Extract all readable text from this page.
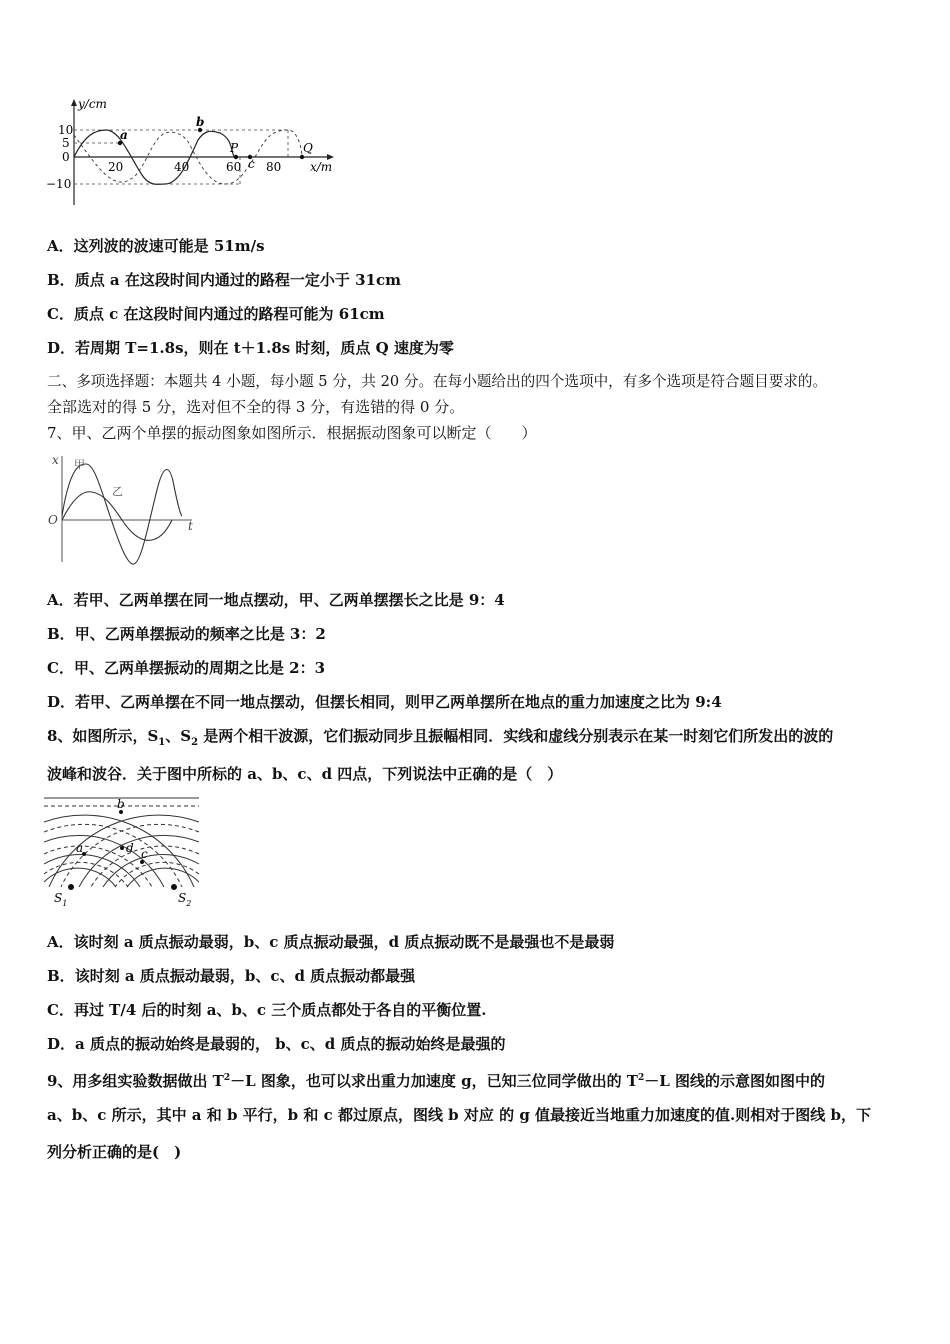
y/cm
x/m
10
5
0
−10
20	40	60 80
a
b
P
c
Q
A．这列波的波速可能是 51m/s
B．质点 a 在这段时间内通过的路程一定小于 31cm
C．质点 c 在这段时间内通过的路程可能为 61cm
D．若周期 T=1.8s，则在 t＋1.8s 时刻，质点 Q 速度为零
二、多项选择题：本题共 4 小题，每小题 5 分，共 20 分。在每小题给出的四个选项中，有多个选项是符合题目要求的。
全部选对的得 5 分，选对但不全的得 3 分，有选错的得 0 分。
7、甲、乙两个单摆的振动图象如图所示．根据振动图象可以断定（　　）
x
t
O
甲
乙
A．若甲、乙两单摆在同一地点摆动，甲、乙两单摆摆长之比是 9：4
B．甲、乙两单摆振动的频率之比是 3：2
C．甲、乙两单摆振动的周期之比是 2：3
D．若甲、乙两单摆在不同一地点摆动，但摆长相同，则甲乙两单摆所在地点的重力加速度之比为 9:4
8、如图所示，$S_1$、$S_2$ 是两个相干波源，它们振动同步且振幅相同．实线和虚线分别表示在某一时刻它们所发出的波的
波峰和波谷．关于图中所标的 a、b、c、d 四点，下列说法中正确的是（　）
a
b
c
d
$S_1$	$S_2$
A．该时刻 a 质点振动最弱，b、c 质点振动最强，d 质点振动既不是最强也不是最弱
B．该时刻 a 质点振动最弱，b、c、d 质点振动都最强
C．再过 T/4 后的时刻 a、b、c 三个质点都处于各自的平衡位置.
D．a 质点的振动始终是最弱的， b、c、d 质点的振动始终是最强的
9、用多组实验数据做出 $T^2-L$ 图象，也可以求出重力加速度 g，已知三位同学做出的 $T^2-L$ 图线的示意图如图中的
a、b、c 所示，其中 a 和 b 平行，b 和 c 都过原点，图线 b 对应 的 g 值最接近当地重力加速度的值.则相对于图线 b，下
列分析正确的是(　)
